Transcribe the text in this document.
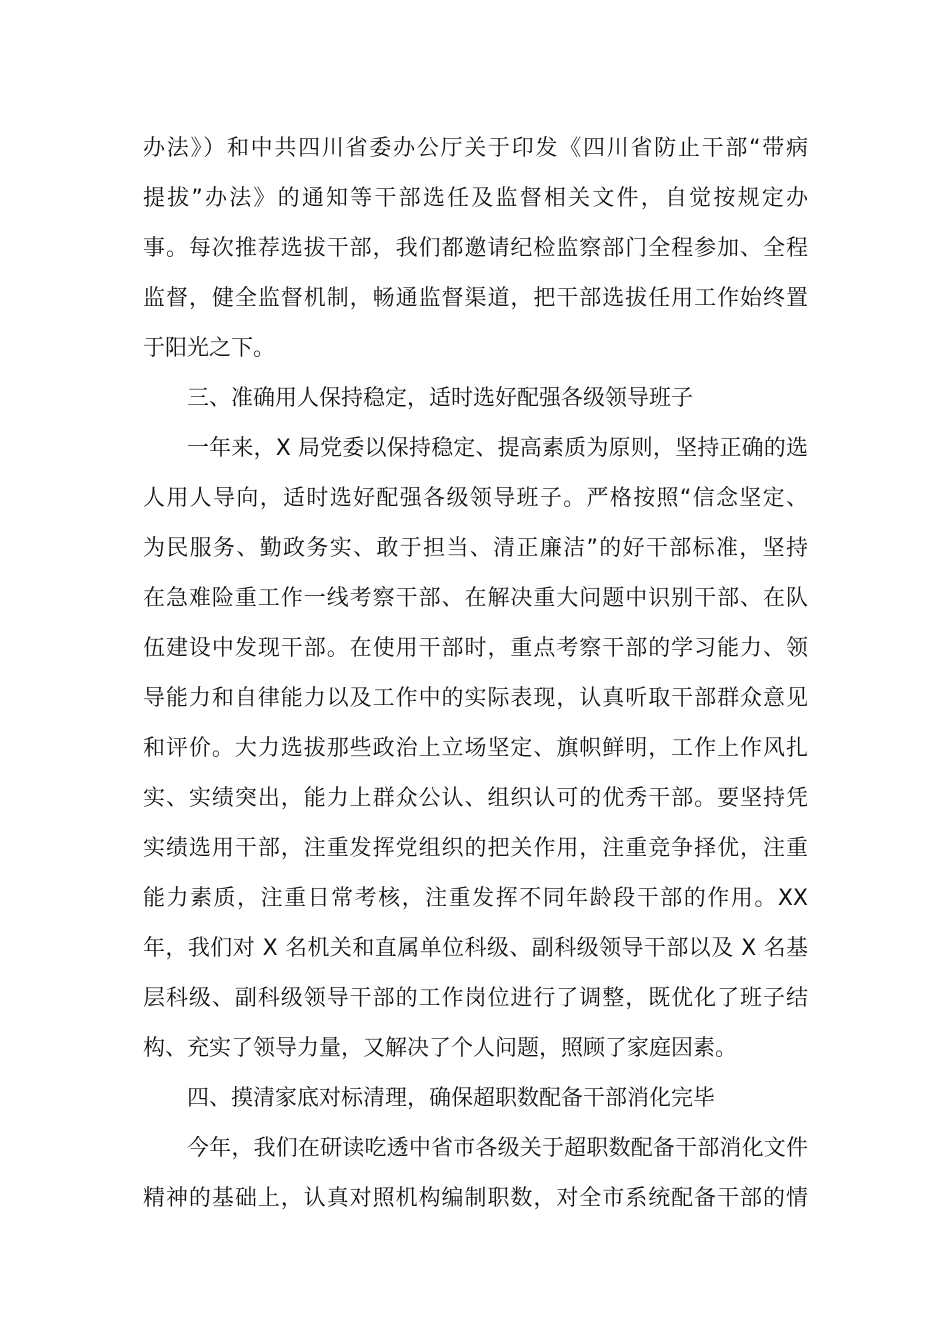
办法》）和中共四川省委办公厅关于印发《四川省防止干部“带病
提拔”办法》的通知等干部选任及监督相关文件，自觉按规定办
事。每次推荐选拔干部，我们都邀请纪检监察部门全程参加、全程
监督，健全监督机制，畅通监督渠道，把干部选拔任用工作始终置
于阳光之下。
三、准确用人保持稳定，适时选好配强各级领导班子
一年来，X 局党委以保持稳定、提高素质为原则，坚持正确的选
人用人导向，适时选好配强各级领导班子。严格按照“信念坚定、
为民服务、勤政务实、敢于担当、清正廉洁”的好干部标准，坚持
在急难险重工作一线考察干部、在解决重大问题中识别干部、在队
伍建设中发现干部。在使用干部时，重点考察干部的学习能力、领
导能力和自律能力以及工作中的实际表现，认真听取干部群众意见
和评价。大力选拔那些政治上立场坚定、旗帜鲜明，工作上作风扎
实、实绩突出，能力上群众公认、组织认可的优秀干部。要坚持凭
实绩选用干部，注重发挥党组织的把关作用，注重竞争择优，注重
能力素质，注重日常考核，注重发挥不同年龄段干部的作用。XX
年，我们对 X 名机关和直属单位科级、副科级领导干部以及 X 名基
层科级、副科级领导干部的工作岗位进行了调整，既优化了班子结
构、充实了领导力量，又解决了个人问题，照顾了家庭因素。
四、摸清家底对标清理，确保超职数配备干部消化完毕
今年，我们在研读吃透中省市各级关于超职数配备干部消化文件
精神的基础上，认真对照机构编制职数，对全市系统配备干部的情
